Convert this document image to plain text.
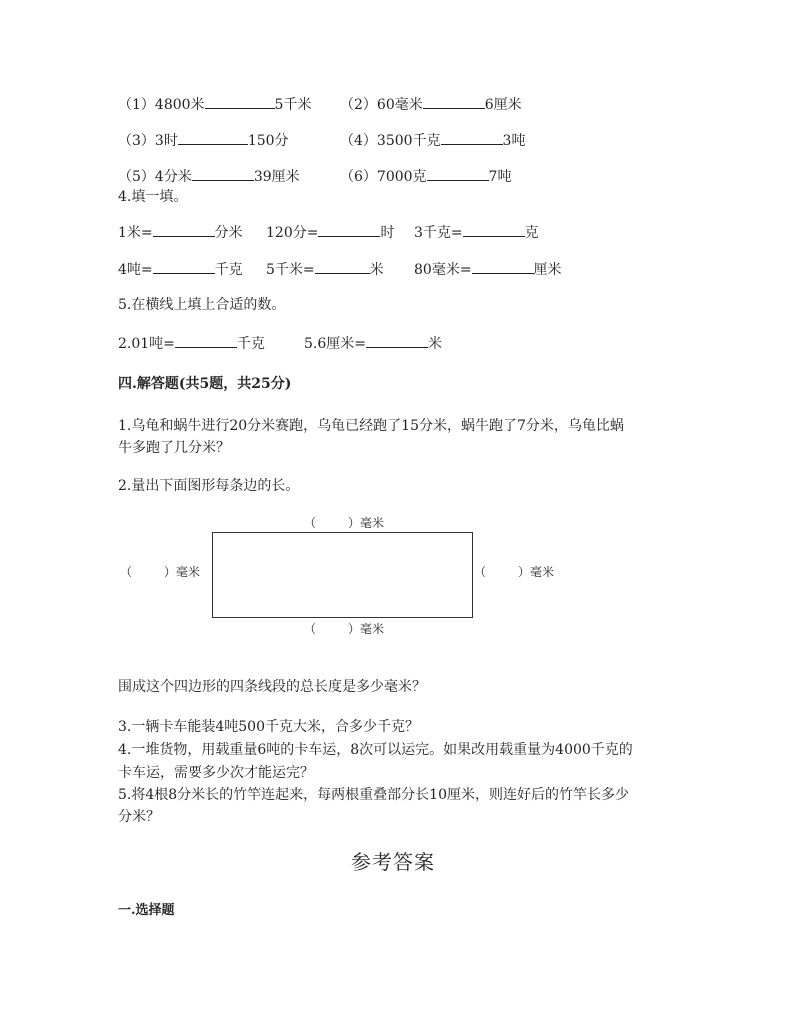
（1）4800米	5千米 （2）60毫米	6厘米
（3）3时	150分	（4）3500千克	3吨
（5）4分米	39厘米	（6）7000克	7吨
4.填一填。
1米=	分米 120分=	时 3千克=	克
4吨=	千克 5千米=	米 80毫米=	厘米
5.在横线上填上合适的数。
2.01吨=	千克	5.6厘米=	米
四.解答题(共5题，共25分)
1.乌龟和蜗牛进行20分米赛跑，乌龟已经跑了15分米，蜗牛跑了7分米，乌龟比蜗
牛多跑了几分米？
2.量出下面图形每条边的长。
（	）毫米
（	）毫米	（	）毫米
（	）毫米
围成这个四边形的四条线段的总长度是多少毫米？
3.一辆卡车能装4吨500千克大米，合多少千克？
4.一堆货物，用载重量6吨的卡车运，8次可以运完。如果改用载重量为4000千克的
卡车运，需要多少次才能运完？
5.将4根8分米长的竹竿连起来，每两根重叠部分长10厘米，则连好后的竹竿长多少
分米？
参考答案
一.选择题
